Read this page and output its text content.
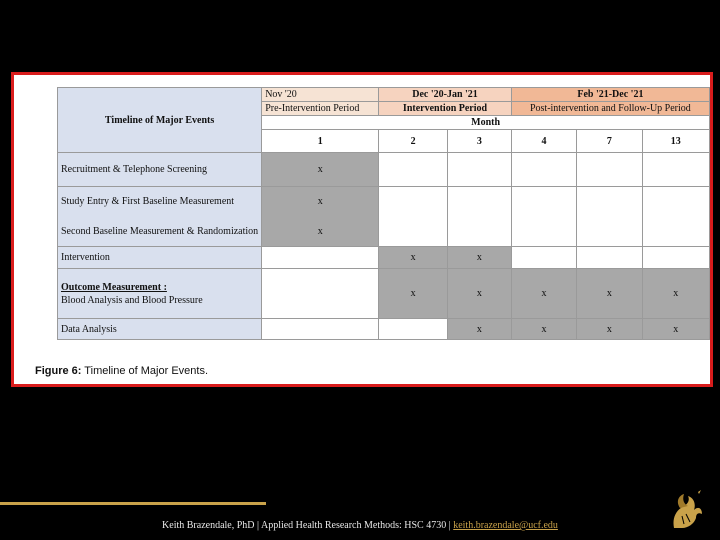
Timeline of Major Events	Nov '20	Dec '20-Jan '21		Feb '21-Dec '21		
	Pre-Intervention Period	Intervention Period		Post-intervention and Follow-Up Period		
	Month					
	1	2	3	4	7	13
Recruitment & Telephone Screening	x					
Study Entry & First Baseline Measurement	x					
Second Baseline Measurement & Randomization	x					
Intervention		x	x			
Outcome Measurement :
Blood Analysis and Blood Pressure		x	x	x	x	x
Data Analysis			x	x	x	x
Figure 6: Timeline of Major Events.
Keith Brazendale, PhD | Applied Health Research Methods: HSC 4730 | keith.brazendale@ucf.edu
